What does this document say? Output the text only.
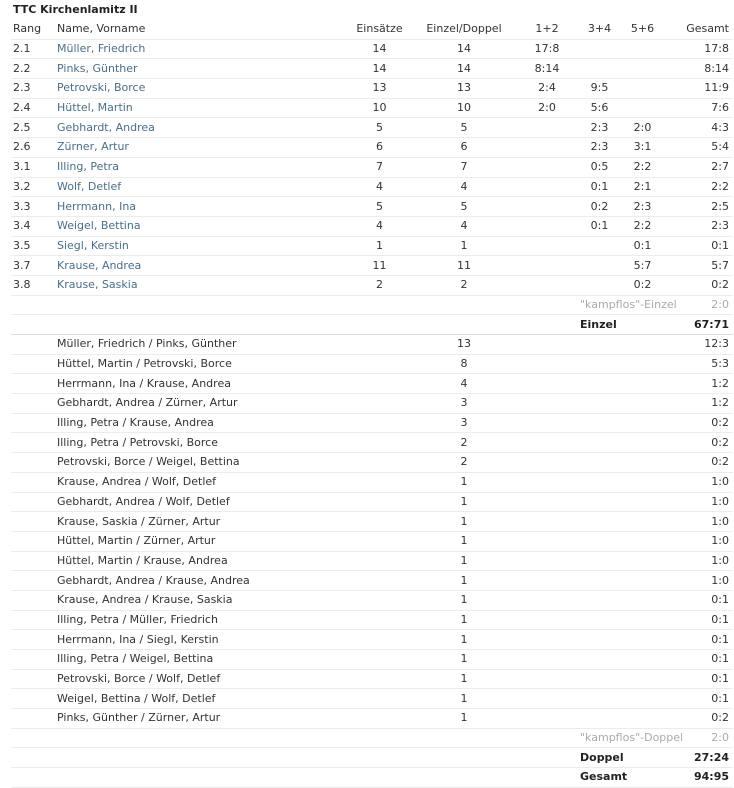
TTC Kirchenlamitz II
Rang	Name, Vorname	Einsätze	Einzel/Doppel	1+2	3+4	5+6	Gesamt
2.1	Müller, Friedrich	14	14	17:8			17:8
2.2	Pinks, Günther	14	14	8:14			8:14
2.3	Petrovski, Borce	13	13	2:4	9:5		11:9
2.4	Hüttel, Martin	10	10	2:0	5:6		7:6
2.5	Gebhardt, Andrea	5	5		2:3	2:0	4:3
2.6	Zürner, Artur	6	6		2:3	3:1	5:4
3.1	Illing, Petra	7	7		0:5	2:2	2:7
3.2	Wolf, Detlef	4	4		0:1	2:1	2:2
3.3	Herrmann, Ina	5	5		0:2	2:3	2:5
3.4	Weigel, Bettina	4	4		0:1	2:2	2:3
3.5	Siegl, Kerstin	1	1			0:1	0:1
3.7	Krause, Andrea	11	11			5:7	5:7
3.8	Krause, Saskia	2	2			0:2	0:2
					"kampflos"-Einzel		2:0
					Einzel		67:71
	Müller, Friedrich / Pinks, Günther		13				12:3
	Hüttel, Martin / Petrovski, Borce		8				5:3
	Herrmann, Ina / Krause, Andrea		4				1:2
	Gebhardt, Andrea / Zürner, Artur		3				1:2
	Illing, Petra / Krause, Andrea		3				0:2
	Illing, Petra / Petrovski, Borce		2				0:2
	Petrovski, Borce / Weigel, Bettina		2				0:2
	Krause, Andrea / Wolf, Detlef		1				1:0
	Gebhardt, Andrea / Wolf, Detlef		1				1:0
	Krause, Saskia / Zürner, Artur		1				1:0
	Hüttel, Martin / Zürner, Artur		1				1:0
	Hüttel, Martin / Krause, Andrea		1				1:0
	Gebhardt, Andrea / Krause, Andrea		1				1:0
	Krause, Andrea / Krause, Saskia		1				0:1
	Illing, Petra / Müller, Friedrich		1				0:1
	Herrmann, Ina / Siegl, Kerstin		1				0:1
	Illing, Petra / Weigel, Bettina		1				0:1
	Petrovski, Borce / Wolf, Detlef		1				0:1
	Weigel, Bettina / Wolf, Detlef		1				0:1
	Pinks, Günther / Zürner, Artur		1				0:2
					"kampflos"-Doppel		2:0
					Doppel		27:24
					Gesamt		94:95
